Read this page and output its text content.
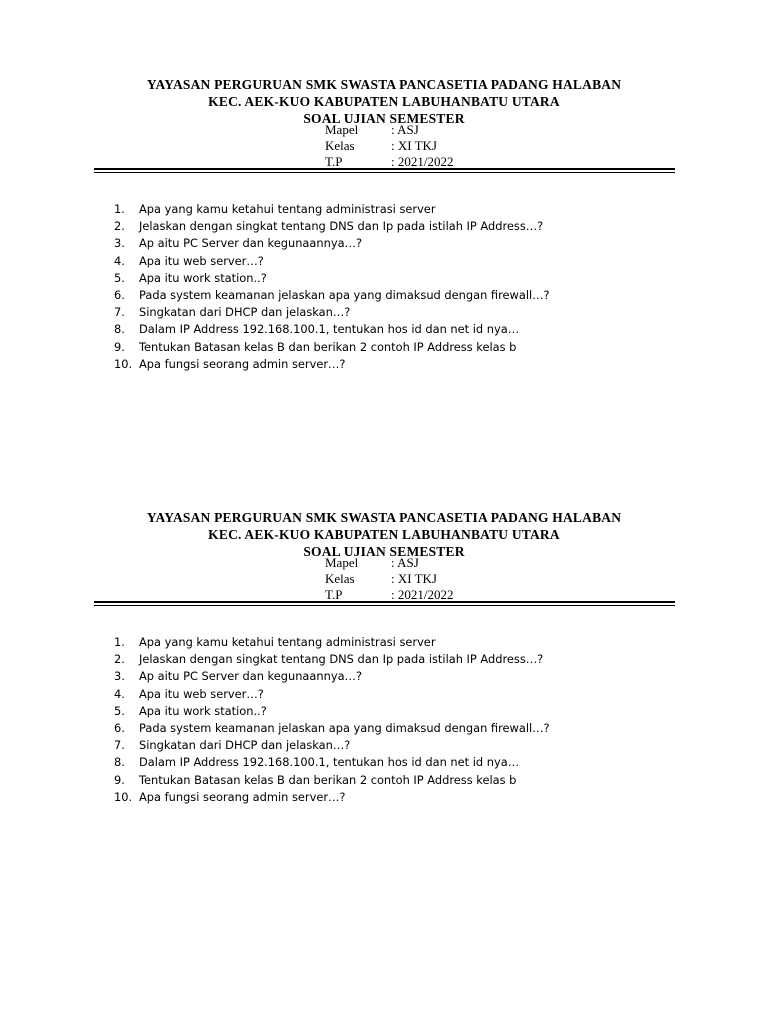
YAYASAN PERGURUAN SMK SWASTA PANCASETIA PADANG HALABAN
KEC. AEK-KUO KABUPATEN LABUHANBATU UTARA
SOAL UJIAN SEMESTER
Mapel	: ASJ
Kelas	: XI TKJ
T.P	: 2021/2022
1.	Apa yang kamu ketahui tentang administrasi server
2.	Jelaskan dengan singkat tentang DNS dan Ip pada istilah IP Address…?
3.	Ap aitu PC Server dan kegunaannya…?
4.	Apa itu web server…?
5.	Apa itu work station..?
6.	Pada system keamanan jelaskan apa yang dimaksud dengan firewall…?
7.	Singkatan dari DHCP dan jelaskan…?
8.	Dalam IP Address 192.168.100.1, tentukan hos id dan net id nya…
9.	Tentukan Batasan kelas B dan berikan 2 contoh IP Address kelas b
10. Apa fungsi seorang admin server…?
YAYASAN PERGURUAN SMK SWASTA PANCASETIA PADANG HALABAN
KEC. AEK-KUO KABUPATEN LABUHANBATU UTARA
SOAL UJIAN SEMESTER
Mapel	: ASJ
Kelas	: XI TKJ
T.P	: 2021/2022
1.	Apa yang kamu ketahui tentang administrasi server
2.	Jelaskan dengan singkat tentang DNS dan Ip pada istilah IP Address…?
3.	Ap aitu PC Server dan kegunaannya…?
4.	Apa itu web server…?
5.	Apa itu work station..?
6.	Pada system keamanan jelaskan apa yang dimaksud dengan firewall…?
7.	Singkatan dari DHCP dan jelaskan…?
8.	Dalam IP Address 192.168.100.1, tentukan hos id dan net id nya…
9.	Tentukan Batasan kelas B dan berikan 2 contoh IP Address kelas b
10. Apa fungsi seorang admin server…?
